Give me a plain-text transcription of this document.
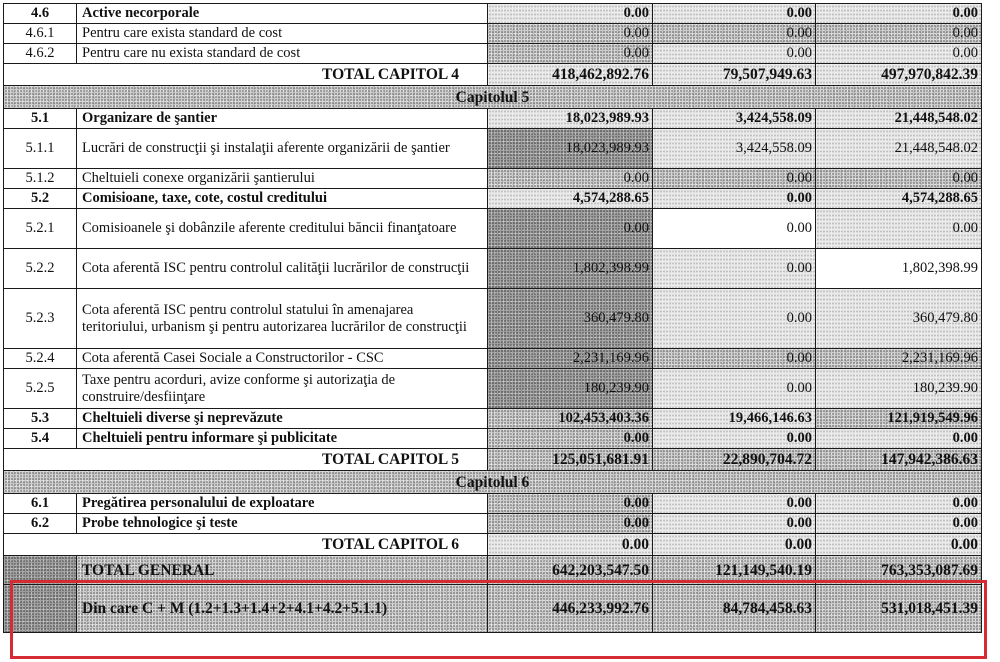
4.6	Active necorporale	0.00	0.00	0.00
4.6.1	Pentru care exista standard de cost	0.00	0.00	0.00
4.6.2	Pentru care nu exista standard de cost	0.00	0.00	0.00
TOTAL CAPITOL 4		418,462,892.76	79,507,949.63	497,970,842.39
Capitolul 5				
5.1	Organizare de şantier	18,023,989.93	3,424,558.09	21,448,548.02
5.1.1	Lucrări de construcţii şi instalaţii aferente organizării de şantier	18,023,989.93	3,424,558.09	21,448,548.02
5.1.2	Cheltuieli conexe organizării şantierului	0.00	0.00	0.00
5.2	Comisioane, taxe, cote, costul creditului	4,574,288.65	0.00	4,574,288.65
5.2.1	Comisioanele şi dobânzile aferente creditului băncii finanţatoare	0.00	0.00	0.00
5.2.2	Cota aferentă ISC pentru controlul calităţii lucrărilor de construcţii	1,802,398.99	0.00	1,802,398.99
5.2.3	Cota aferentă ISC pentru controlul statului în amenajarea teritoriului, urbanism şi pentru autorizarea lucrărilor de construcţii	360,479.80	0.00	360,479.80
5.2.4	Cota aferentă Casei Sociale a Constructorilor - CSC	2,231,169.96	0.00	2,231,169.96
5.2.5	Taxe pentru acorduri, avize conforme şi autorizaţia de construire/desfiinţare	180,239.90	0.00	180,239.90
5.3	Cheltuieli diverse şi neprevăzute	102,453,403.36	19,466,146.63	121,919,549.96
5.4	Cheltuieli pentru informare şi publicitate	0.00	0.00	0.00
TOTAL CAPITOL 5		125,051,681.91	22,890,704.72	147,942,386.63
Capitolul 6				
6.1	Pregătirea personalului de exploatare	0.00	0.00	0.00
6.2	Probe tehnologice şi teste	0.00	0.00	0.00
TOTAL CAPITOL 6		0.00	0.00	0.00
	TOTAL GENERAL	642,203,547.50	121,149,540.19	763,353,087.69
	Din care C + M (1.2+1.3+1.4+2+4.1+4.2+5.1.1)	446,233,992.76	84,784,458.63	531,018,451.39
